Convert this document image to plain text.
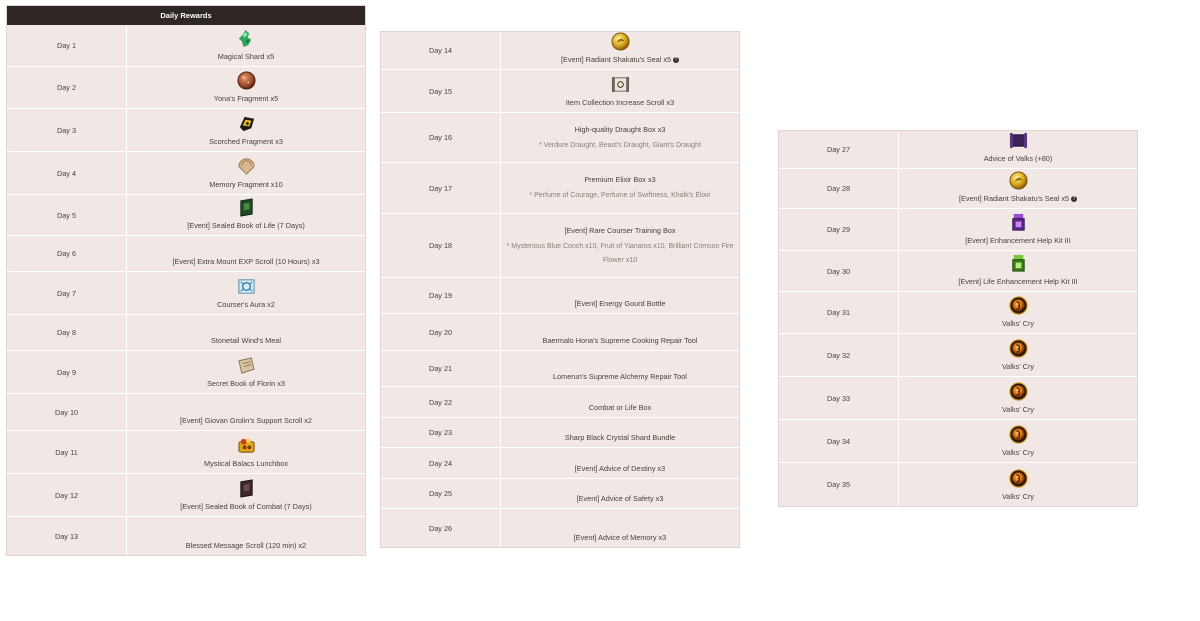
Daily Rewards
Day 1
Magical Shard x5
Day 2
Yona's Fragment x5
Day 3
Scorched Fragment x3
Day 4
Memory Fragment x10
Day 5
[Event] Sealed Book of Life (7 Days)
Day 6
[Event] Extra Mount EXP Scroll (10 Hours) x3
Day 7
Courser's Aura x2
Day 8
Stonetail Wind's Meal
Day 9
Secret Book of Florin x3
Day 10
[Event] Giovan Grolin's Support Scroll x2
Day 11
Mystical Balacs Lunchbox
Day 12
[Event] Sealed Book of Combat (7 Days)
Day 13
Blessed Message Scroll (120 min) x2
Day 14
[Event] Radiant Shakatu's Seal x5 ?
Day 15
Item Collection Increase Scroll x3
Day 16
High-quality Draught Box x3
* Verdure Draught, Beast's Draught, Giant's Draught
Day 17
Premium Elixir Box x3
* Perfume of Courage, Perfume of Swiftness, Khalk's Elixir
Day 18
[Event] Rare Courser Training Box
* Mysterious Blue Conch x10, Fruit of Yianaros x10, Brilliant Crimson Fire Flower x10
Day 19
[Event] Energy Gourd Bottle
Day 20
Baermalo Hona's Supreme Cooking Repair Tool
Day 21
Lomerun's Supreme Alchemy Repair Tool
Day 22
Combat or Life Box
Day 23
Sharp Black Crystal Shard Bundle
Day 24
[Event] Advice of Destiny x3
Day 25
[Event] Advice of Safety x3
Day 26
[Event] Advice of Memory x3
Day 27
Advice of Valks (+80)
Day 28
[Event] Radiant Shakatu's Seal x5 ?
Day 29
[Event] Enhancement Help Kit III
Day 30
[Event] Life Enhancement Help Kit III
Day 31
Valks' Cry
Day 32
Valks' Cry
Day 33
Valks' Cry
Day 34
Valks' Cry
Day 35
Valks' Cry
